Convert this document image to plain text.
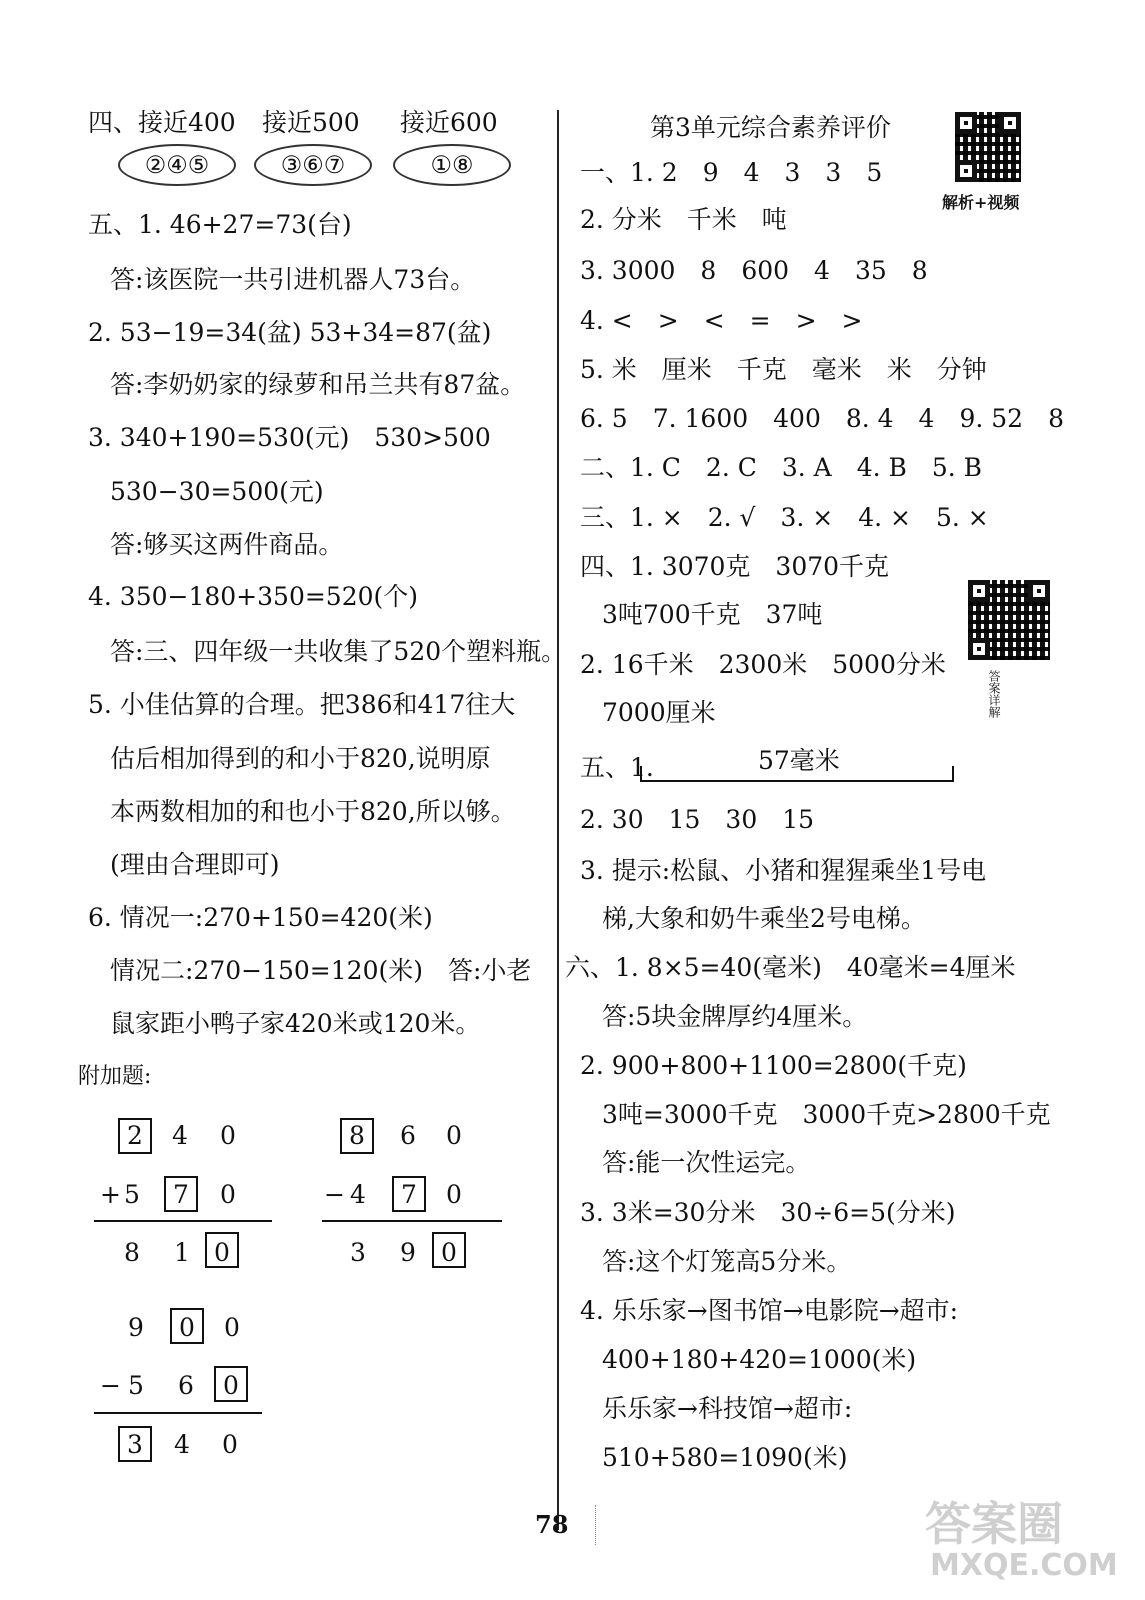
四、接近400 接近500 接近600
②④⑤	③⑥⑦	①⑧
五、1. 46+27=73(台)
答:该医院一共引进机器人73台。
2. 53−19=34(盆) 53+34=87(盆)
答:李奶奶家的绿萝和吊兰共有87盆。
3. 340+190=530(元)　530>500
530−30=500(元)
答:够买这两件商品。
4. 350−180+350=520(个)
答:三、四年级一共收集了520个塑料瓶。
5. 小佳估算的合理。把386和417往大
估后相加得到的和小于820,说明原
本两数相加的和也小于820,所以够。
(理由合理即可)
6. 情况一:270+150=420(米)
情况二:270−150=120(米)　答:小老
鼠家距小鸭子家420米或120米。
附加题:
2 4 0
+ 5 7 0
8 1 0
8 6 0
− 4 7 0
3 9 0
9 0 0
− 5 6 0
3 4 0
第3单元综合素养评价
解析+视频
一、1. 2　9　4　3　3　5
2. 分米　千米　吨
3. 3000　8　600　4　35　8
4. <　>　<　=　>　>
5. 米　厘米　千克　毫米　米　分钟
6. 5　7. 1600　400　8. 4　4　9. 52　8
二、1. C　2. C　3. A　4. B　5. B
三、1. ×　2. √　3. ×　4. ×　5. ×
四、1. 3070克　3070千克
3吨700千克　37吨
2. 16千米　2300米　5000分米
7000厘米	答案详解
五、1.	57毫米
2. 30　15　30　15
3. 提示:松鼠、小猪和猩猩乘坐1号电
梯,大象和奶牛乘坐2号电梯。
六、1. 8×5=40(毫米)　40毫米=4厘米
答:5块金牌厚约4厘米。
2. 900+800+1100=2800(千克)
3吨=3000千克　3000千克>2800千克
答:能一次性运完。
3. 3米=30分米　30÷6=5(分米)
答:这个灯笼高5分米。
4. 乐乐家→图书馆→电影院→超市:
400+180+420=1000(米)
乐乐家→科技馆→超市:
510+580=1090(米)
78	答案圈
MXQE.COM
